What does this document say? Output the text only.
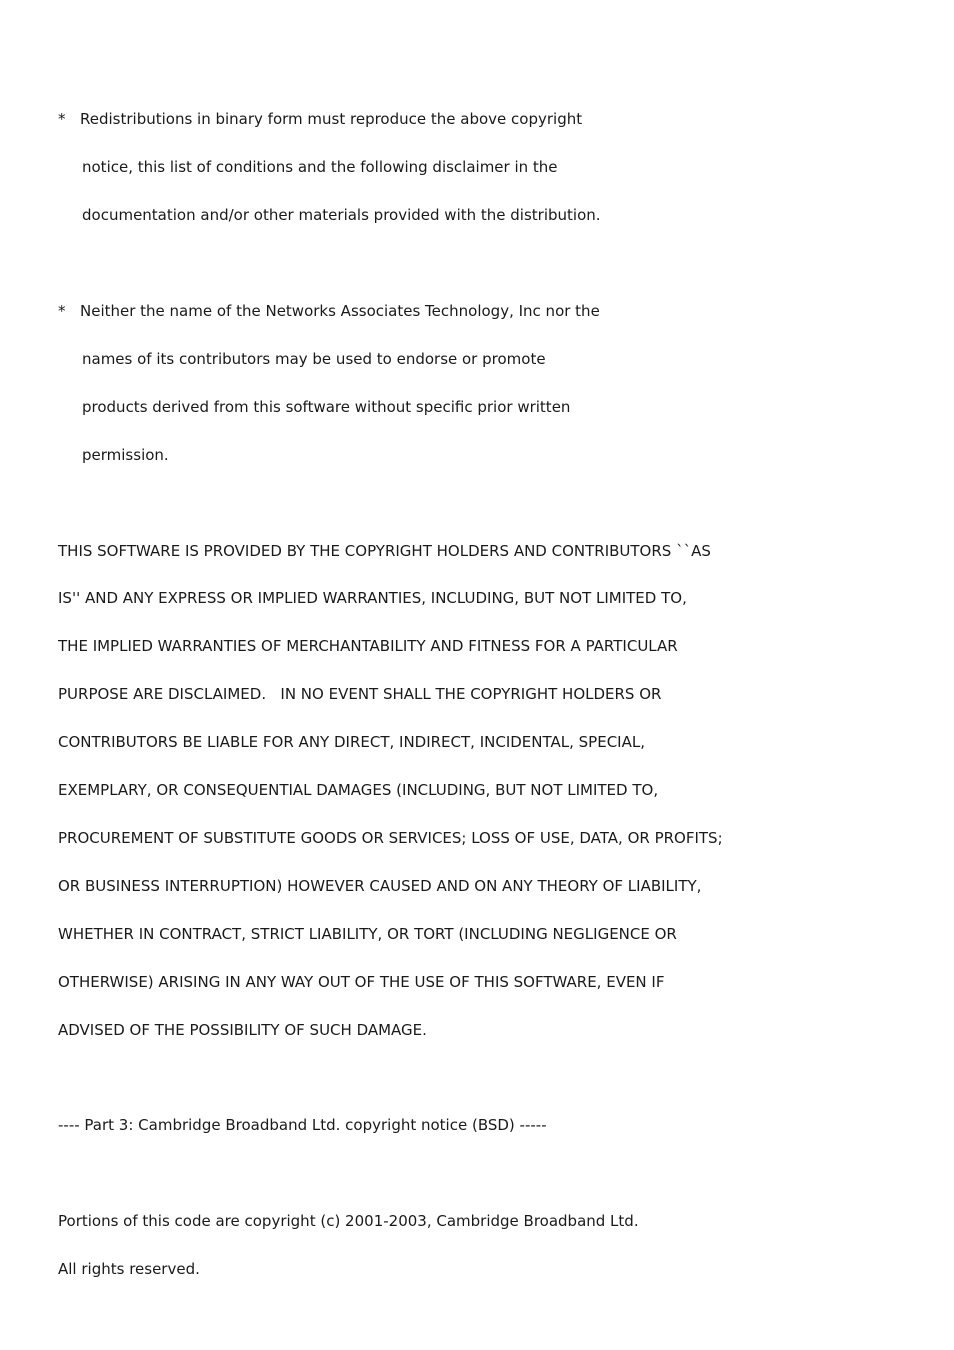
* Redistributions in binary form must reproduce the above copyright
notice, this list of conditions and the following disclaimer in the
documentation and/or other materials provided with the distribution.
* Neither the name of the Networks Associates Technology, Inc nor the
names of its contributors may be used to endorse or promote
products derived from this software without specific prior written
permission.
THIS SOFTWARE IS PROVIDED BY THE COPYRIGHT HOLDERS AND CONTRIBUTORS ``AS
IS'' AND ANY EXPRESS OR IMPLIED WARRANTIES, INCLUDING, BUT NOT LIMITED TO,
THE IMPLIED WARRANTIES OF MERCHANTABILITY AND FITNESS FOR A PARTICULAR
PURPOSE ARE DISCLAIMED.   IN NO EVENT SHALL THE COPYRIGHT HOLDERS OR
CONTRIBUTORS BE LIABLE FOR ANY DIRECT, INDIRECT, INCIDENTAL, SPECIAL,
EXEMPLARY, OR CONSEQUENTIAL DAMAGES (INCLUDING, BUT NOT LIMITED TO,
PROCUREMENT OF SUBSTITUTE GOODS OR SERVICES; LOSS OF USE, DATA, OR PROFITS;
OR BUSINESS INTERRUPTION) HOWEVER CAUSED AND ON ANY THEORY OF LIABILITY,
WHETHER IN CONTRACT, STRICT LIABILITY, OR TORT (INCLUDING NEGLIGENCE OR
OTHERWISE) ARISING IN ANY WAY OUT OF THE USE OF THIS SOFTWARE, EVEN IF
ADVISED OF THE POSSIBILITY OF SUCH DAMAGE.
---- Part 3: Cambridge Broadband Ltd. copyright notice (BSD) -----
Portions of this code are copyright (c) 2001-2003, Cambridge Broadband Ltd.
All rights reserved.
